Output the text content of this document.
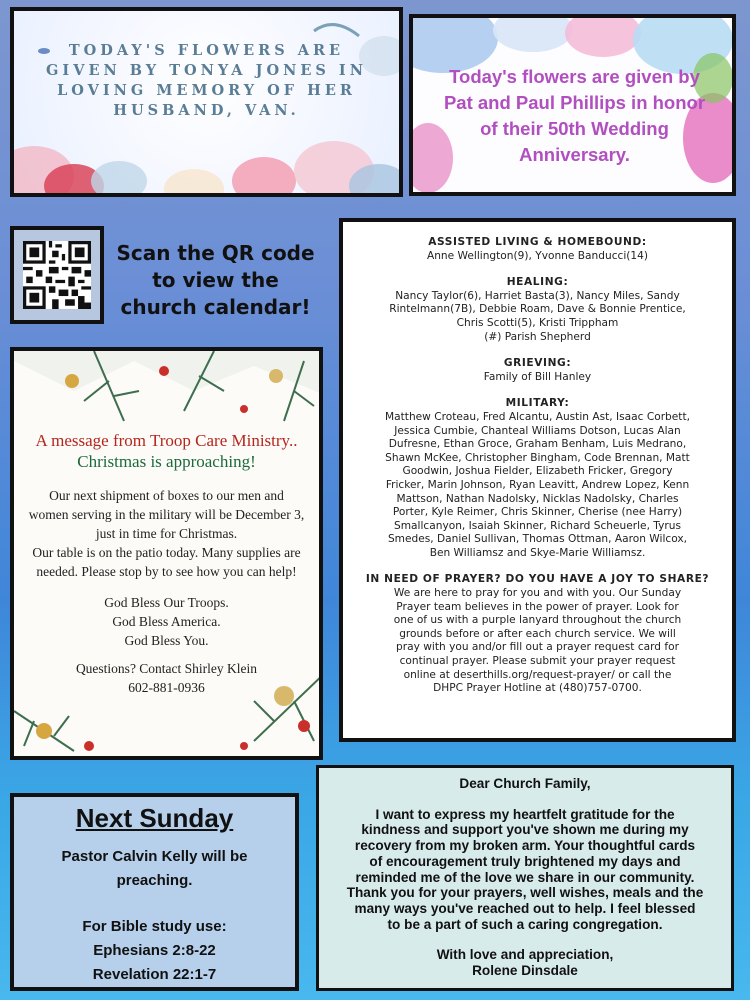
TODAY'S FLOWERS ARE GIVEN BY TONYA JONES IN LOVING MEMORY OF HER HUSBAND, VAN.
Today's flowers are given by Pat and Paul Phillips in honor of their 50th Wedding Anniversary.
Scan the QR code
to view the
church calendar!
A message from Troop Care Ministry..
Christmas is approaching!
Our next shipment of boxes to our men and
women serving in the military will be December 3,
just in time for Christmas.
Our table is on the patio today. Many supplies are
needed. Please stop by to see how you can help!
God Bless Our Troops.
God Bless America.
God Bless You.
Questions? Contact Shirley Klein
602-881-0936
ASSISTED LIVING & HOMEBOUND:
Anne Wellington(9), Yvonne Banducci(14)
HEALING:
Nancy Taylor(6), Harriet Basta(3), Nancy Miles, Sandy
Rintelmann(7B), Debbie Roam, Dave & Bonnie Prentice,
Chris Scotti(5), Kristi Trippham
(#) Parish Shepherd
GRIEVING:
Family of Bill Hanley
MILITARY:
Matthew Croteau, Fred Alcantu, Austin Ast, Isaac Corbett,
Jessica Cumbie, Chanteal Williams Dotson, Lucas Alan
Dufresne, Ethan Groce, Graham Benham, Luis Medrano,
Shawn McKee, Christopher Bingham, Code Brennan, Matt
Goodwin, Joshua Fielder, Elizabeth Fricker, Gregory
Fricker, Marin Johnson, Ryan Leavitt, Andrew Lopez, Kenn
Mattson, Nathan Nadolsky, Nicklas Nadolsky, Charles
Porter, Kyle Reimer, Chris Skinner, Cherise (nee Harry)
Smallcanyon, Isaiah Skinner, Richard Scheuerle, Tyrus
Smedes, Daniel Sullivan, Thomas Ottman, Aaron Wilcox,
Ben Williamsz and Skye-Marie Williamsz.
IN NEED OF PRAYER? DO YOU HAVE A JOY TO SHARE?
We are here to pray for you and with you. Our Sunday
Prayer team believes in the power of prayer. Look for
one of us with a purple lanyard throughout the church
grounds before or after each church service. We will
pray with you and/or fill out a prayer request card for
continual prayer. Please submit your prayer request
online at deserthills.org/request-prayer/ or call the
DHPC Prayer Hotline at (480)757-0700.
Next Sunday
Pastor Calvin Kelly will be
preaching.
For Bible study use:
Ephesians 2:8-22
Revelation 22:1-7

Dear Church Family,

I want to express my heartfelt gratitude for the
kindness and support you've shown me during my
recovery from my broken arm. Your thoughtful cards
of encouragement truly brightened my days and
reminded me of the love we share in our community.
Thank you for your prayers, well wishes, meals and the
many ways you've reached out to help. I feel blessed
to be a part of such a caring congregation.

With love and appreciation,
Rolene Dinsdale
